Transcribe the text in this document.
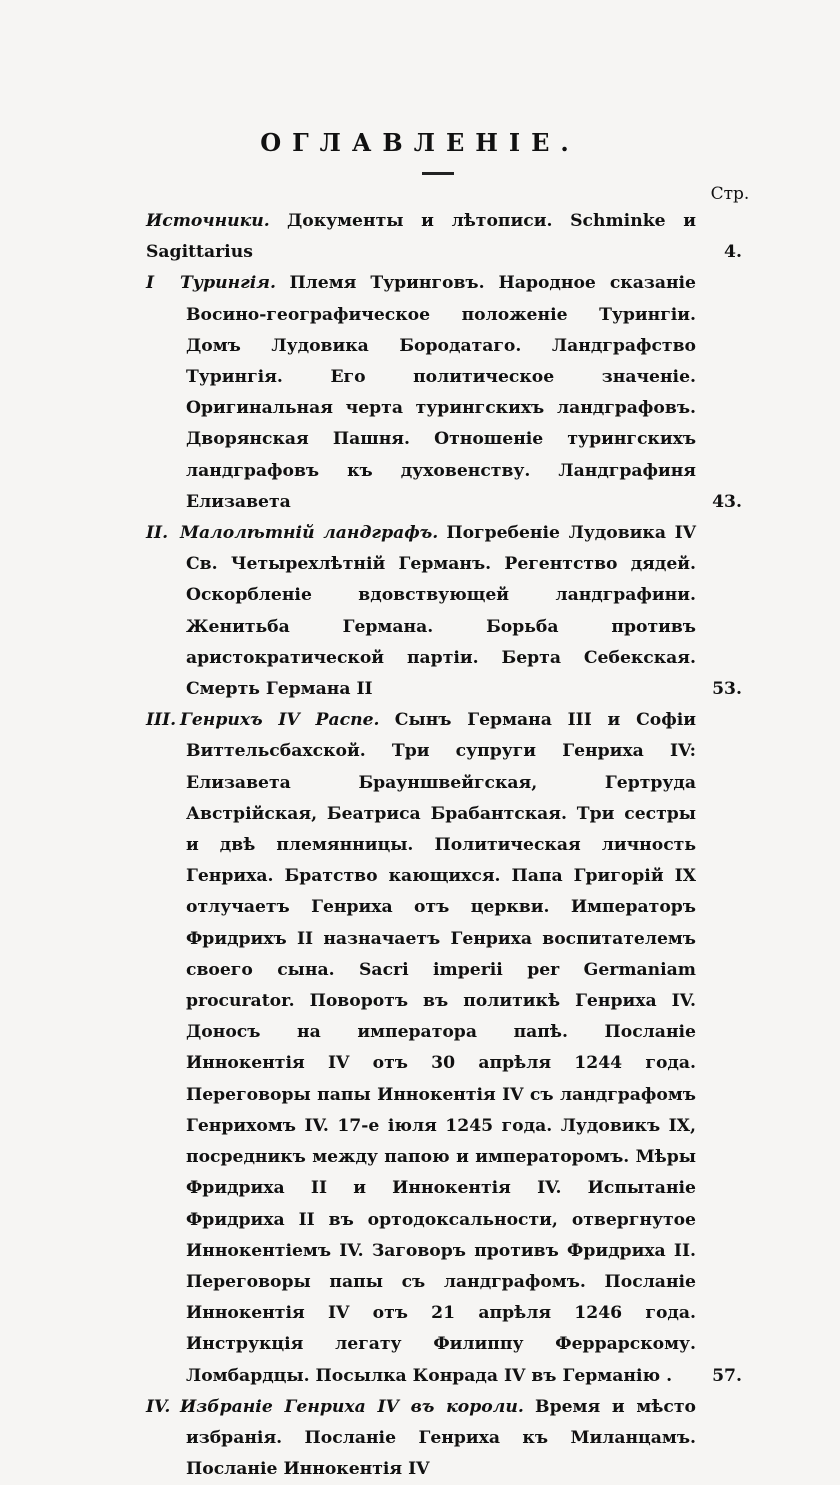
ОГЛАВЛЕНІЕ.
Стр.
Источники. Документы и лѣтописи. Schminke и Sagittarius	4.
I Турингія. Племя Туринговъ. Народное сказаніе Восино-географическое положеніе Турингіи. Домъ Лудовика Бородатаго. Ландграфство Турингія. Его политическое значеніе. Оригинальная черта турингскихъ ландграфовъ. Дворянская Пашня. Отношеніе турингскихъ ландграфовъ къ духовенству. Ландграфиня Елизавета	43.
II. Малолѣтній ландграфъ. Погребеніе Лудовика IV Св. Четырехлѣтній Германъ. Регентство дядей. Оскорбленіе вдовствующей ландграфини. Женитьба Германа. Борьба противъ аристократической партіи. Берта Себекская. Смерть Германа II	53.
III. Генрихъ IV Распе. Сынъ Германа III и Софіи Виттельсбахской. Три супруги Генриха IV: Елизавета Брауншвейгская, Гертруда Австрійская, Беатриса Брабантская. Три сестры и двѣ племянницы. Политическая личность Генриха. Братство кающихся. Папа Григорій IX отлучаетъ Генриха отъ церкви. Императоръ Фридрихъ II назначаетъ Генриха воспитателемъ своего сына. Sacri imperii per Germaniam procurator. Поворотъ въ политикѣ Генриха IV. Доносъ на императора папѣ. Посланіе Иннокентія IV отъ 30 апрѣля 1244 года. Переговоры папы Иннокентія IV съ ландграфомъ Генрихомъ IV. 17-е іюля 1245 года. Лудовикъ IX, посредникъ между папою и императоромъ. Мѣры Фридриха II и Иннокентія IV. Испытаніе Фридриха II въ ортодоксальности, отвергнутое Иннокентіемъ IV. Заговоръ противъ Фридриха II. Переговоры папы съ ландграфомъ. Посланіе Иннокентія IV отъ 21 апрѣля 1246 года. Инструкція легату Филиппу Феррарскому. Ломбардцы. Посылка Конрада IV въ Германію .	57.
IV. Избраніе Генриха IV въ короли. Время и мѣсто избранія. Посланіе Генриха къ Миланцамъ. Посланіе Иннокентія IV
